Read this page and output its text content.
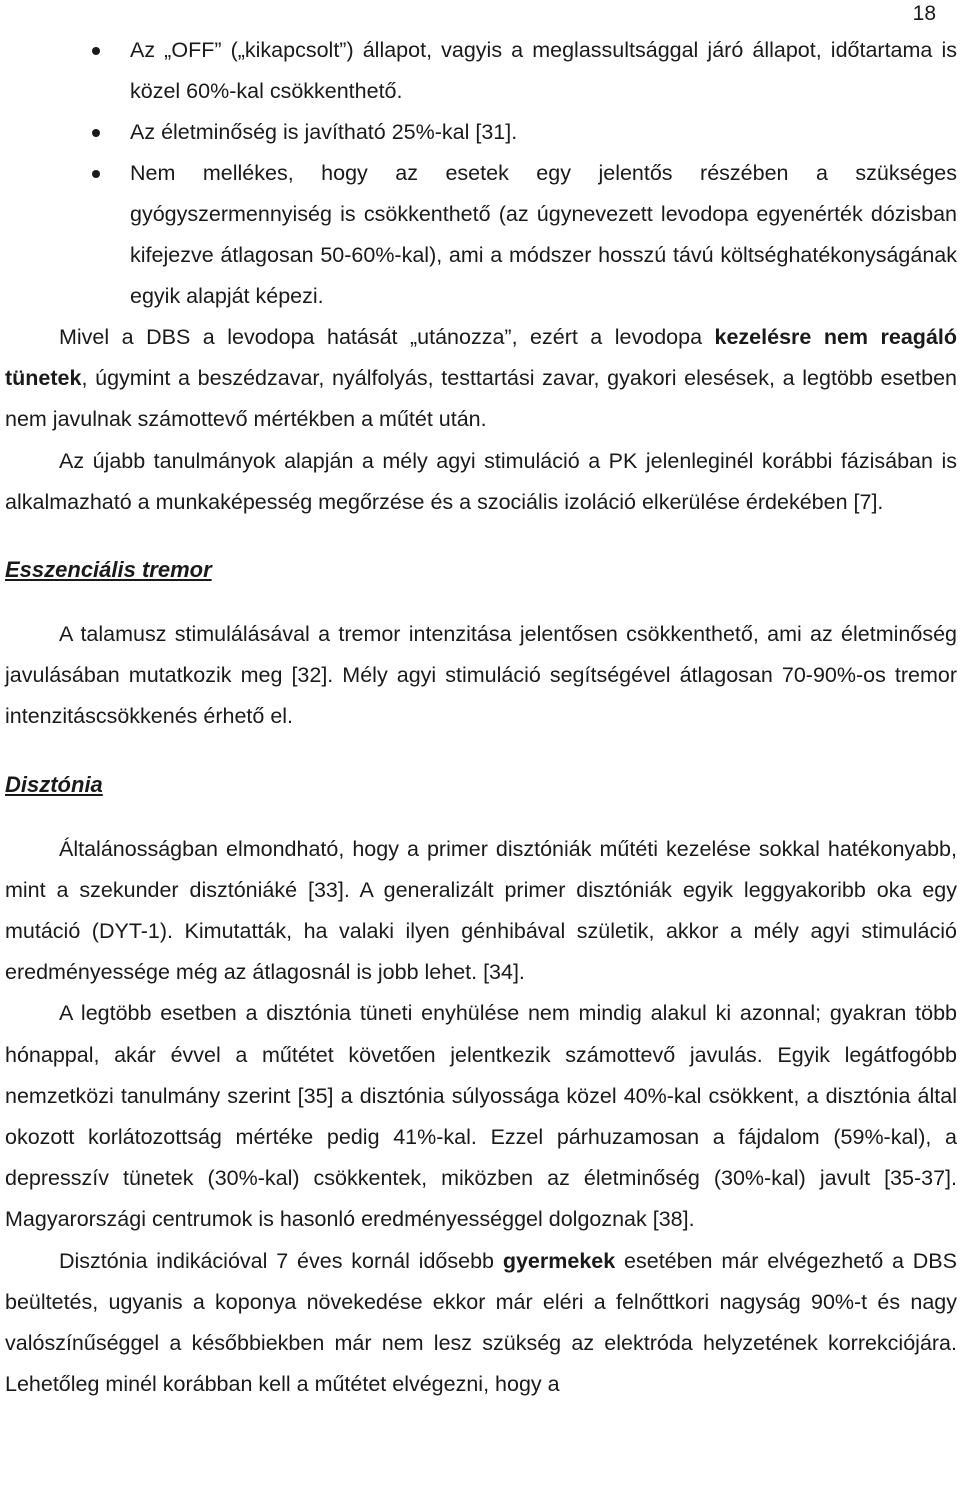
18
Az „OFF” („kikapcsolt”) állapot, vagyis a meglassultsággal járó állapot, időtartama is közel 60%-kal csökkenthető.
Az életminőség is javítható 25%-kal [31].
Nem mellékes, hogy az esetek egy jelentős részében a szükséges gyógyszermennyiség is csökkenthető (az úgynevezett levodopa egyenérték dózisban kifejezve átlagosan 50-60%-kal), ami a módszer hosszú távú költséghatékonyságának egyik alapját képezi.

Mivel a DBS a levodopa hatását „utánozza”, ezért a levodopa kezelésre nem reagáló tünetek, úgymint a beszédzavar, nyálfolyás, testtartási zavar, gyakori elesések, a legtöbb esetben nem javulnak számottevő mértékben a műtét után.

Az újabb tanulmányok alapján a mély agyi stimuláció a PK jelenleginél korábbi fázisában is alkalmazható a munkaképesség megőrzése és a szociális izoláció elkerülése érdekében [7].

Esszenciális tremor

A talamusz stimulálásával a tremor intenzitása jelentősen csökkenthető, ami az életminőség javulásában mutatkozik meg [32]. Mély agyi stimuláció segítségével átlagosan 70-90%-os tremor intenzitáscsökkenés érhető el.

Disztónia

Általánosságban elmondható, hogy a primer disztóniák műtéti kezelése sokkal hatékonyabb, mint a szekunder disztóniáké [33]. A generalizált primer disztóniák egyik leggyakoribb oka egy mutáció (DYT-1). Kimutatták, ha valaki ilyen génhibával születik, akkor a mély agyi stimuláció eredményessége még az átlagosnál is jobb lehet. [34].

A legtöbb esetben a disztónia tüneti enyhülése nem mindig alakul ki azonnal; gyakran több hónappal, akár évvel a műtétet követően jelentkezik számottevő javulás. Egyik legátfogóbb nemzetközi tanulmány szerint [35] a disztónia súlyossága közel 40%-kal csökkent, a disztónia által okozott korlátozottság mértéke pedig 41%-kal. Ezzel párhuzamosan a fájdalom (59%-kal), a depresszív tünetek (30%-kal) csökkentek, miközben az életminőség (30%-kal) javult [35-37]. Magyarországi centrumok is hasonló eredményességgel dolgoznak [38].

Disztónia indikációval 7 éves kornál idősebb gyermekek esetében már elvégezhető a DBS beültetés, ugyanis a koponya növekedése ekkor már eléri a felnőttkori nagyság 90%-t és nagy valószínűséggel a későbbiekben már nem lesz szükség az elektróda helyzetének korrekciójára. Lehetőleg minél korábban kell a műtétet elvégezni, hogy a
